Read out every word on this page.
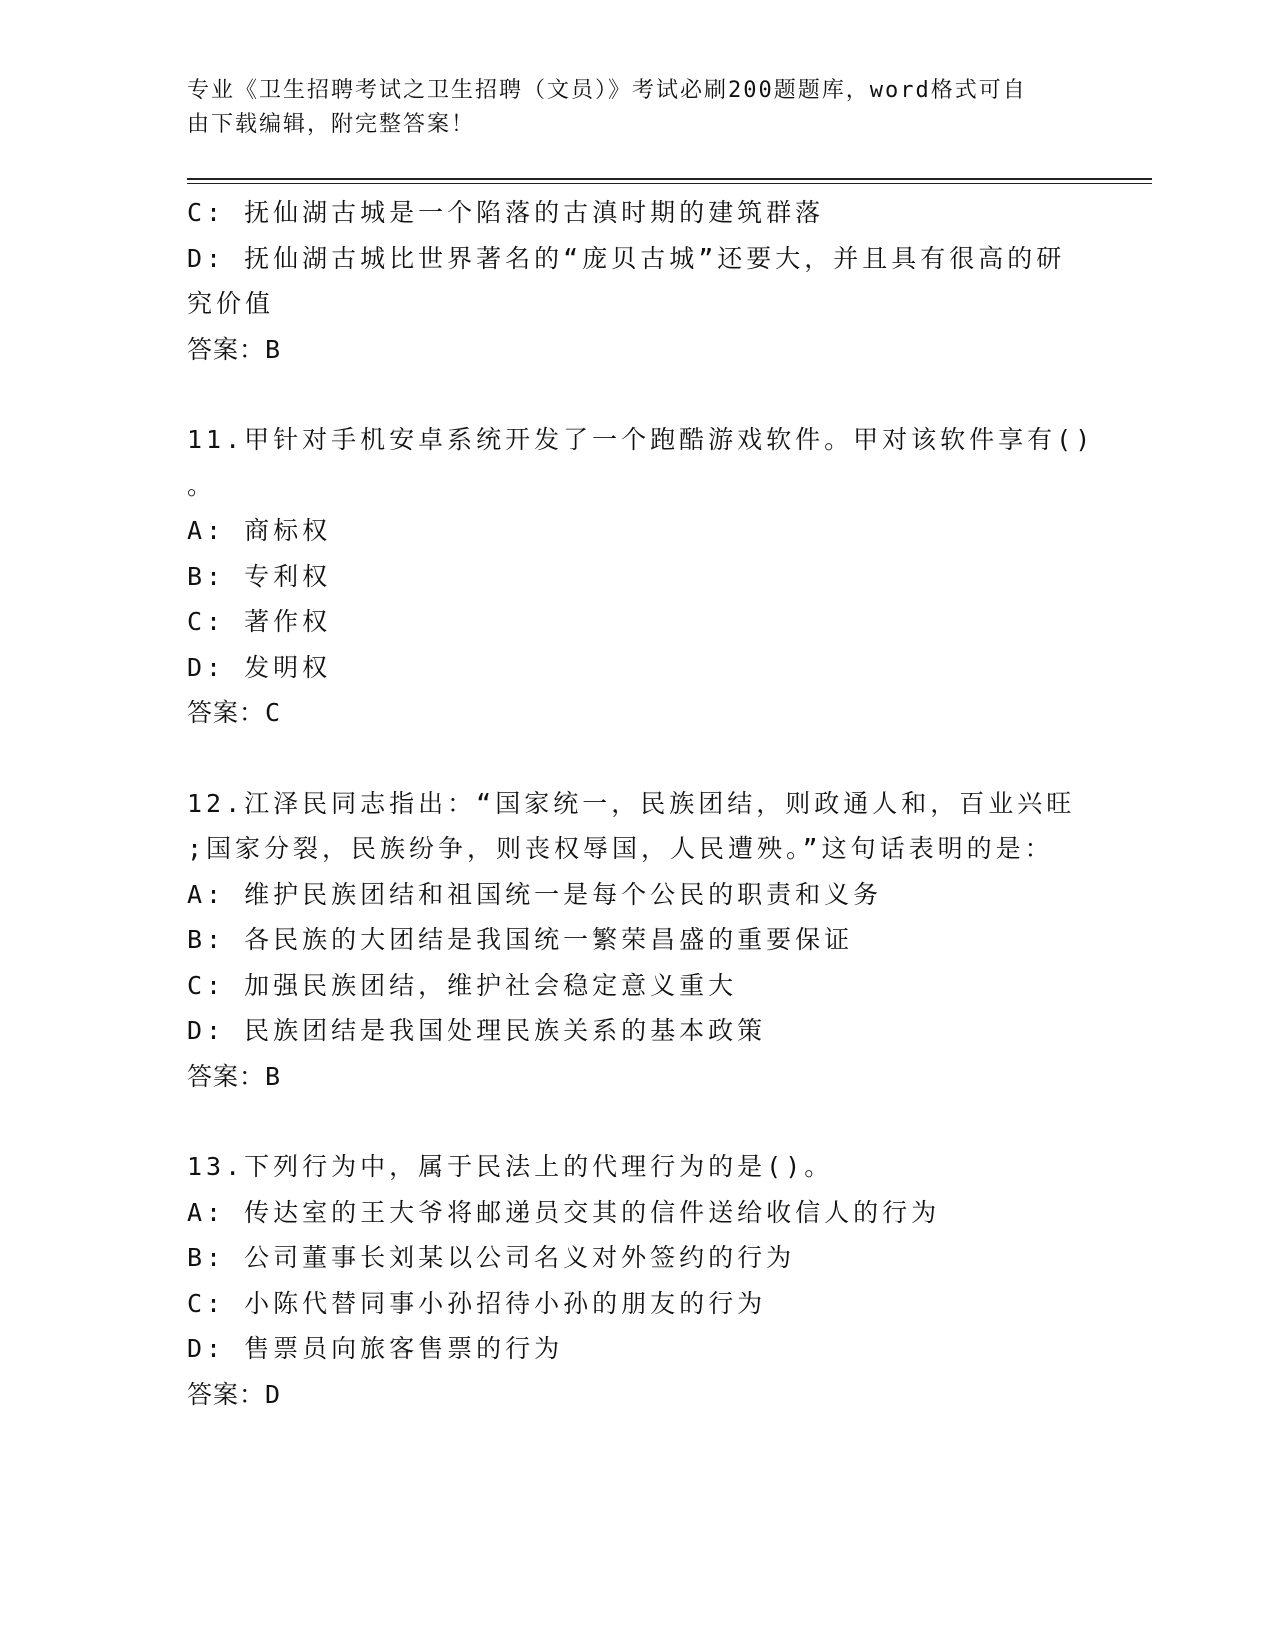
专业《卫生招聘考试之卫生招聘（文员）》考试必刷200题题库，word格式可自
由下载编辑，附完整答案！
C: 抚仙湖古城是一个陷落的古滇时期的建筑群落
D: 抚仙湖古城比世界著名的“庞贝古城”还要大，并且具有很高的研
究价值
答案：B
11.甲针对手机安卓系统开发了一个跑酷游戏软件。甲对该软件享有()
。
A: 商标权
B: 专利权
C: 著作权
D: 发明权
答案：C
12.江泽民同志指出：“国家统一，民族团结，则政通人和，百业兴旺
;国家分裂，民族纷争，则丧权辱国，人民遭殃。”这句话表明的是：
A: 维护民族团结和祖国统一是每个公民的职责和义务
B: 各民族的大团结是我国统一繁荣昌盛的重要保证
C: 加强民族团结，维护社会稳定意义重大
D: 民族团结是我国处理民族关系的基本政策
答案：B
13.下列行为中，属于民法上的代理行为的是()。
A: 传达室的王大爷将邮递员交其的信件送给收信人的行为
B: 公司董事长刘某以公司名义对外签约的行为
C: 小陈代替同事小孙招待小孙的朋友的行为
D: 售票员向旅客售票的行为
答案：D
